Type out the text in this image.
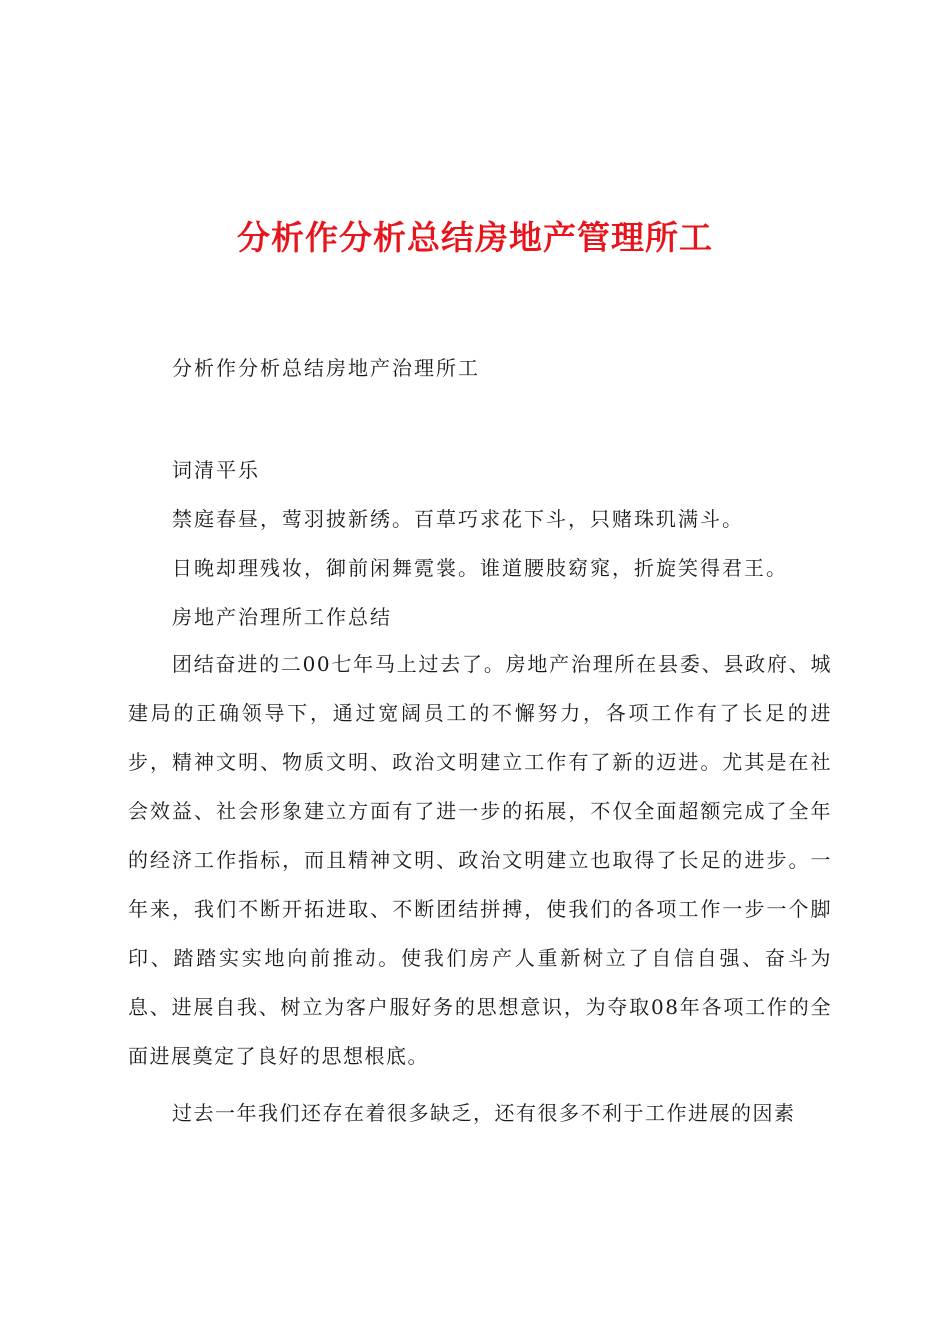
分析作分析总结房地产管理所工

分析作分析总结房地产治理所工

词清平乐

禁庭春昼，莺羽披新绣。百草巧求花下斗，只赌珠玑满斗。

日晚却理残妆，御前闲舞霓裳。谁道腰肢窈窕，折旋笑得君王。

房地产治理所工作总结

团结奋进的二00七年马上过去了。房地产治理所在县委、县政府、城建局的正确领导下，通过宽阔员工的不懈努力，各项工作有了长足的进步，精神文明、物质文明、政治文明建立工作有了新的迈进。尤其是在社会效益、社会形象建立方面有了进一步的拓展，不仅全面超额完成了全年的经济工作指标，而且精神文明、政治文明建立也取得了长足的进步。一年来，我们不断开拓进取、不断团结拼搏，使我们的各项工作一步一个脚印、踏踏实实地向前推动。使我们房产人重新树立了自信自强、奋斗为息、进展自我、树立为客户服好务的思想意识，为夺取08年各项工作的全面进展奠定了良好的思想根底。

过去一年我们还存在着很多缺乏，还有很多不利于工作进展的因素
